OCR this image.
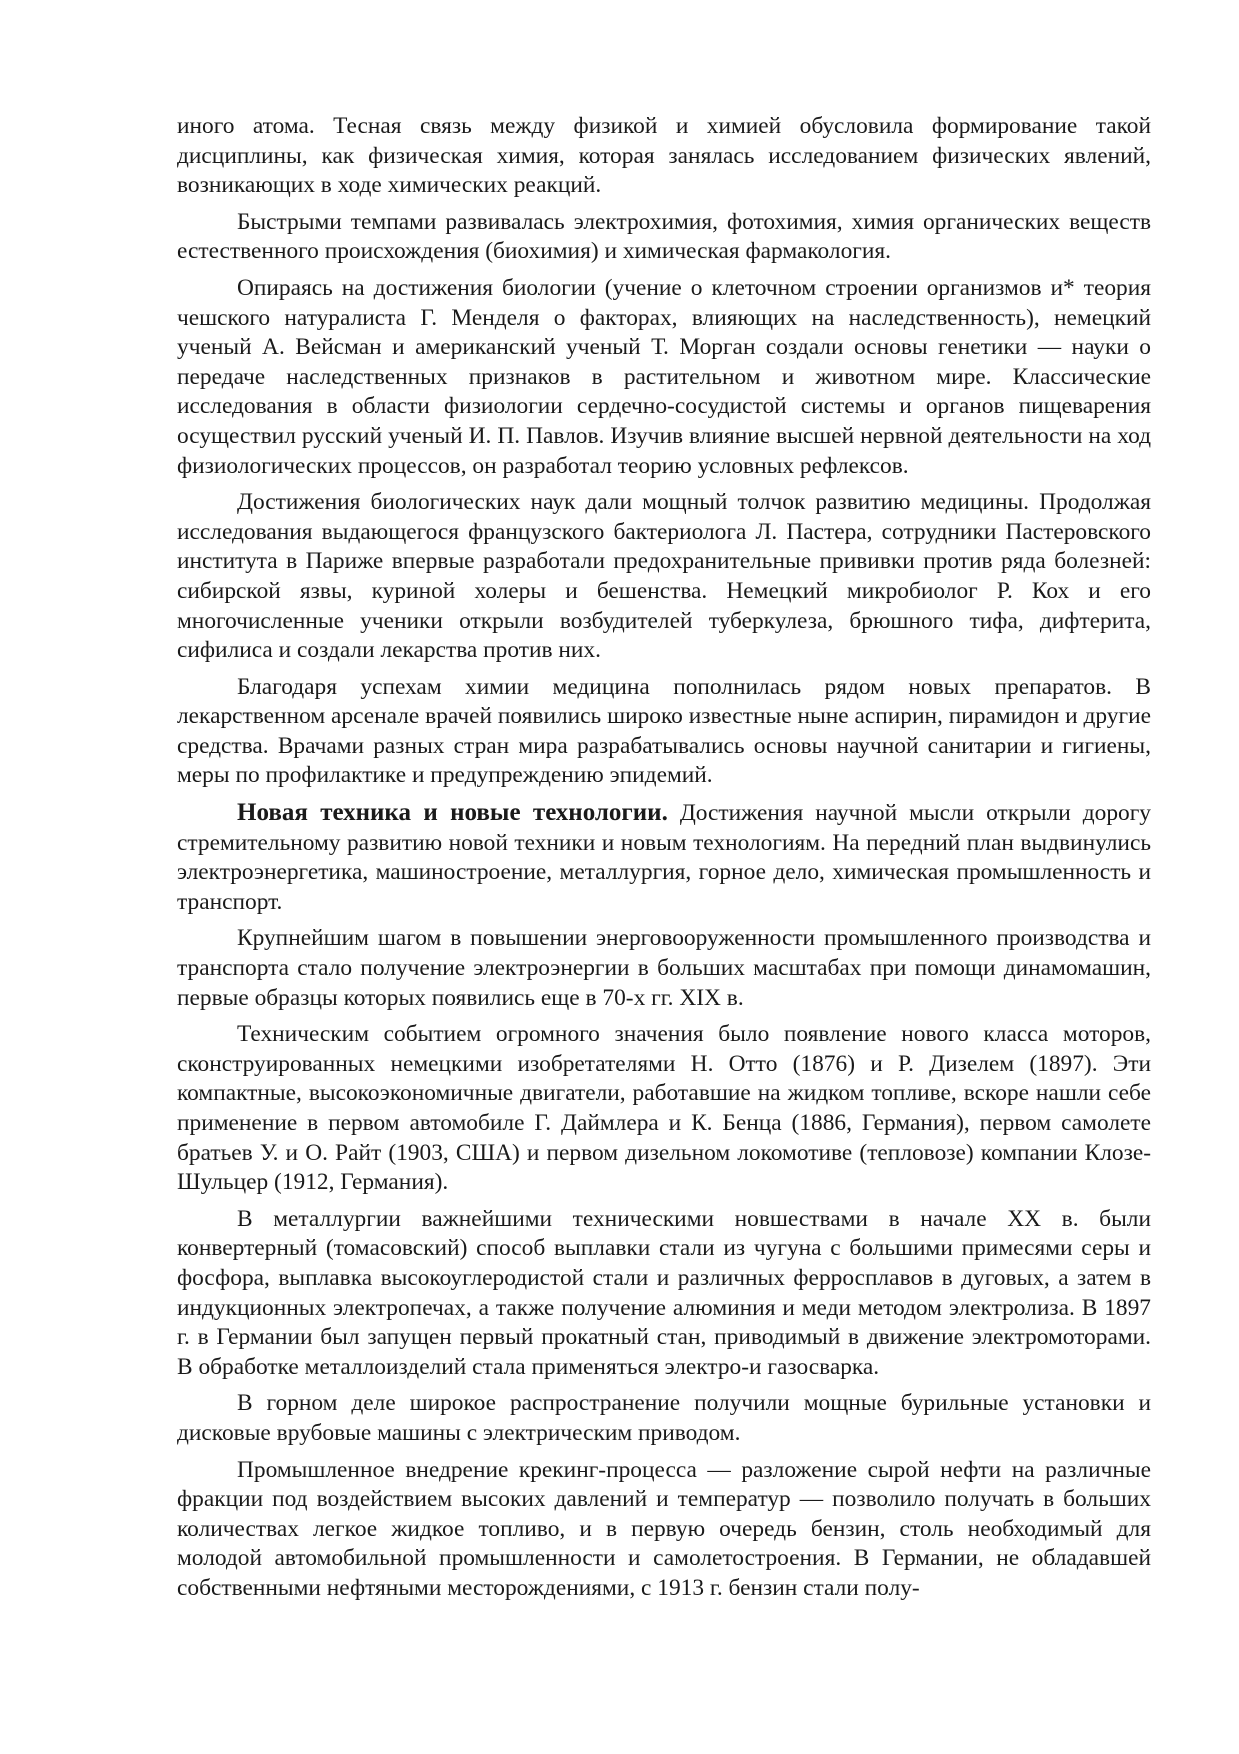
иного атома. Тесная связь между физикой и химией обусловила формирование такой дисциплины, как физическая химия, которая занялась исследованием физических явлений, возникающих в ходе химических реакций.

Быстрыми темпами развивалась электрохимия, фотохимия, химия органических веществ естественного происхождения (биохимия) и химическая фармакология.

Опираясь на достижения биологии (учение о клеточном строении организмов и* теория чешского натуралиста Г. Менделя о факторах, влияющих на наследственность), немецкий ученый А. Вейсман и американский ученый Т. Морган создали основы генетики — науки о передаче наследственных признаков в растительном и животном мире. Классические исследования в области физиологии сердечно-сосудистой системы и органов пищеварения осуществил русский ученый И. П. Павлов. Изучив влияние высшей нервной деятельности на ход физиологических процессов, он разработал теорию условных рефлексов.

Достижения биологических наук дали мощный толчок развитию медицины. Продолжая исследования выдающегося французского бактериолога Л. Пастера, сотрудники Пастеровского института в Париже впервые разработали предохранительные прививки против ряда болезней: сибирской язвы, куриной холеры и бешенства. Немецкий микробиолог Р. Кох и его многочисленные ученики открыли возбудителей туберкулеза, брюшного тифа, дифтерита, сифилиса и создали лекарства против них.

Благодаря успехам химии медицина пополнилась рядом новых препаратов. В лекарственном арсенале врачей появились широко известные ныне аспирин, пирамидон и другие средства. Врачами разных стран мира разрабатывались основы научной санитарии и гигиены, меры по профилактике и предупреждению эпидемий.

Новая техника и новые технологии. Достижения научной мысли открыли дорогу стремительному развитию новой техники и новым технологиям. На передний план выдвинулись электроэнергетика, машиностроение, металлургия, горное дело, химическая промышленность и транспорт.

Крупнейшим шагом в повышении энерговооруженности промышленного производства и транспорта стало получение электроэнергии в больших масштабах при помощи динамомашин, первые образцы которых появились еще в 70-х гг. XIX в.

Техническим событием огромного значения было появление нового класса моторов, сконструированных немецкими изобретателями Н. Отто (1876) и Р. Дизелем (1897). Эти компактные, высокоэкономичные двигатели, работавшие на жидком топливе, вскоре нашли себе применение в первом автомобиле Г. Даймлера и К. Бенца (1886, Германия), первом самолете братьев У. и О. Райт (1903, США) и первом дизельном локомотиве (тепловозе) компании Клозе-Шульцер (1912, Германия).

В металлургии важнейшими техническими новшествами в начале XX в. были конвертерный (томасовский) способ выплавки стали из чугуна с большими примесями серы и фосфора, выплавка высокоуглеродистой стали и различных ферросплавов в дуговых, а затем в индукционных электропечах, а также получение алюминия и меди методом электролиза. В 1897 г. в Германии был запущен первый прокатный стан, приводимый в движение электромоторами. В обработке металлоизделий стала применяться электро-и газосварка.

В горном деле широкое распространение получили мощные бурильные установки и дисковые врубовые машины с электрическим приводом.

Промышленное внедрение крекинг-процесса — разложение сырой нефти на различные фракции под воздействием высоких давлений и температур — позволило получать в больших количествах легкое жидкое топливо, и в первую очередь бензин, столь необходимый для молодой автомобильной промышленности и самолетостроения. В Германии, не обладавшей собственными нефтяными месторождениями, с 1913 г. бензин стали полу-
